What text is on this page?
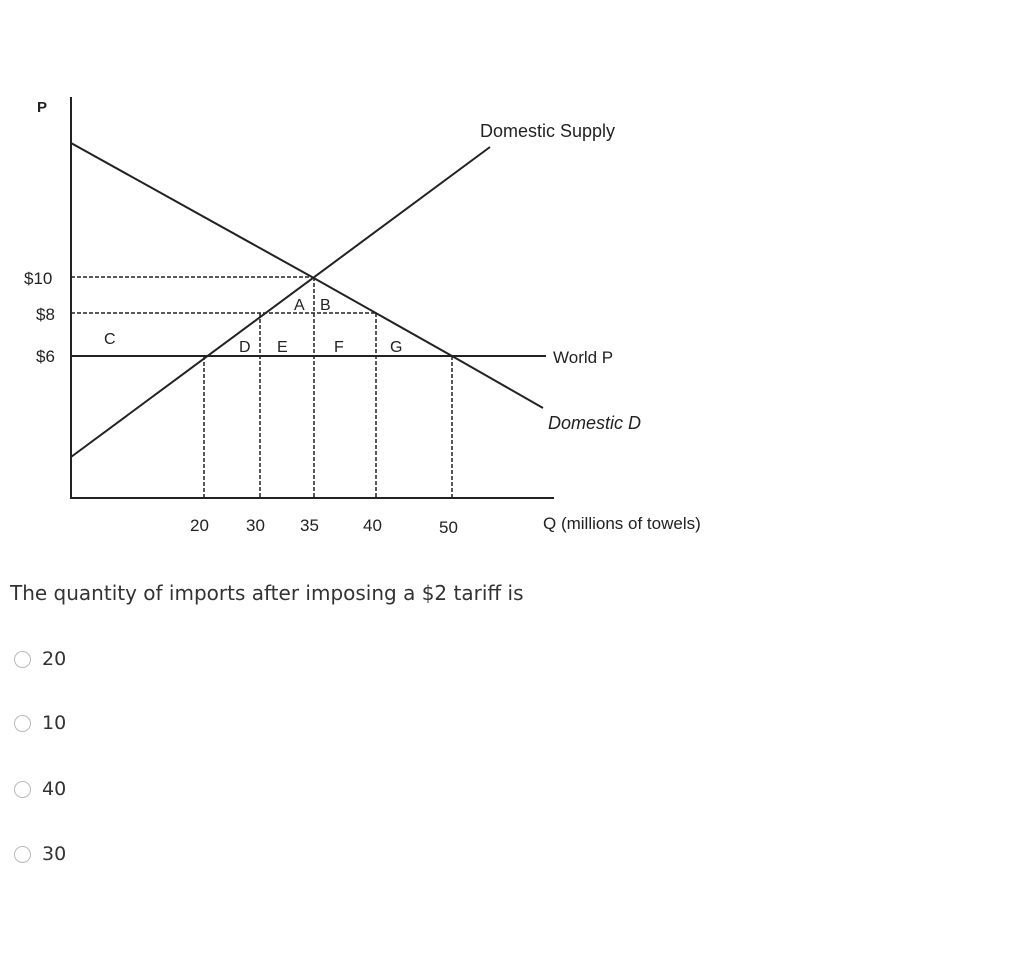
P
$10
$8
$6
20 30 35	40	50	Q (millions of towels)
Domestic Supply
World P
Domestic D
A B
C	D E	F	G
The quantity of imports after imposing a $2 tariff is
20
10
40
30
